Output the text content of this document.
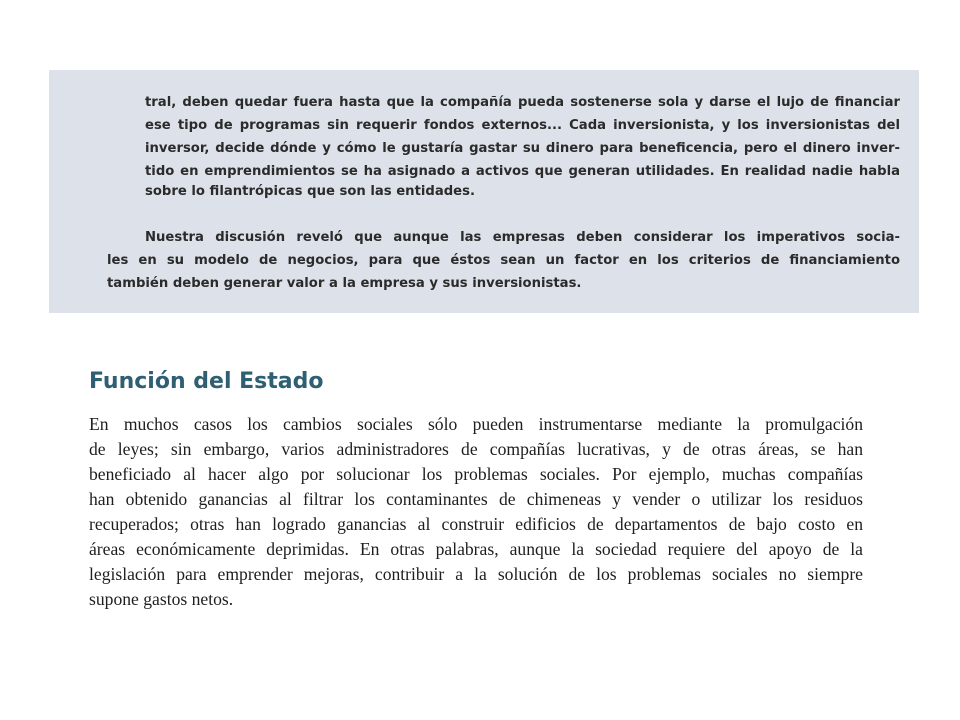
tral, deben quedar fuera hasta que la compañía pueda sostenerse sola y darse el lujo de financiar
ese tipo de programas sin requerir fondos externos... Cada inversionista, y los inversionistas del
inversor, decide dónde y cómo le gustaría gastar su dinero para beneficencia, pero el dinero inver-
tido en emprendimientos se ha asignado a activos que generan utilidades. En realidad nadie habla
sobre lo filantrópicas que son las entidades.
Nuestra discusión reveló que aunque las empresas deben considerar los imperativos socia-
les en su modelo de negocios, para que éstos sean un factor en los criterios de financiamiento
también deben generar valor a la empresa y sus inversionistas.
Función del Estado
En muchos casos los cambios sociales sólo pueden instrumentarse mediante la promulgación
de leyes; sin embargo, varios administradores de compañías lucrativas, y de otras áreas, se han
beneficiado al hacer algo por solucionar los problemas sociales. Por ejemplo, muchas compañías
han obtenido ganancias al filtrar los contaminantes de chimeneas y vender o utilizar los residuos
recuperados; otras han logrado ganancias al construir edificios de departamentos de bajo costo en
áreas económicamente deprimidas. En otras palabras, aunque la sociedad requiere del apoyo de la
legislación para emprender mejoras, contribuir a la solución de los problemas sociales no siempre
supone gastos netos.
